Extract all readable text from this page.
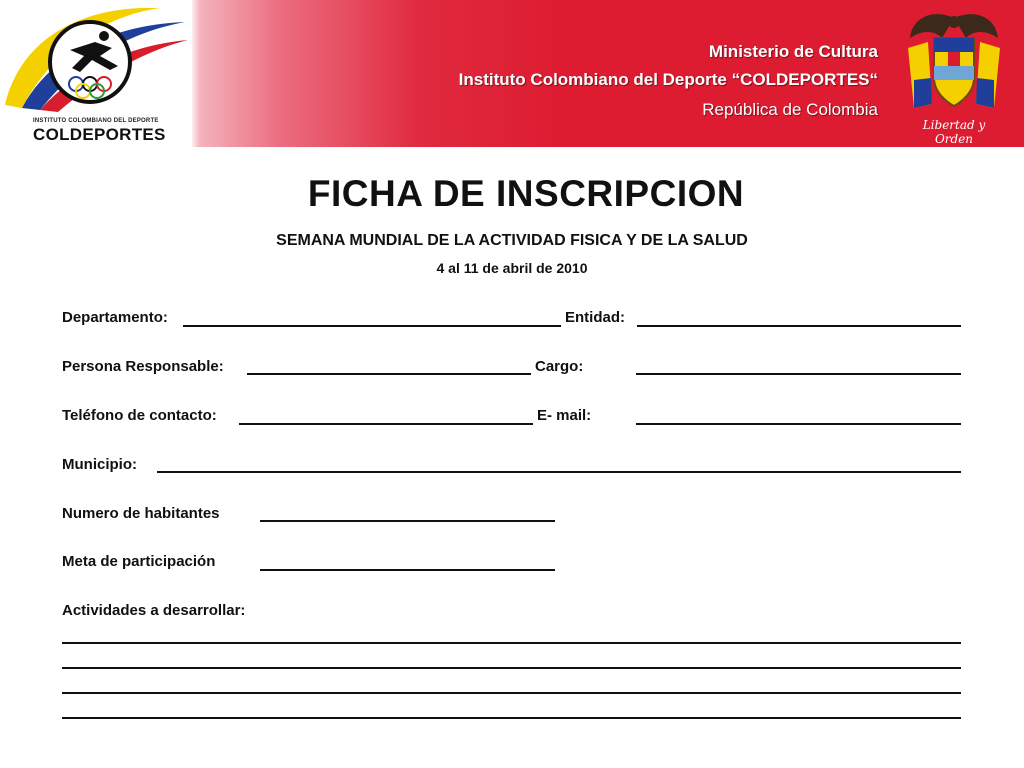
INSTITUTO COLOMBIANO DEL DEPORTE
COLDEPORTES
Ministerio de Cultura
Instituto Colombiano del Deporte “COLDEPORTES“
República de Colombia
Libertad y Orden
FICHA DE INSCRIPCION
SEMANA MUNDIAL DE LA ACTIVIDAD FISICA Y DE LA SALUD
4 al 11 de abril de 2010
Departamento:	Entidad:
Persona Responsable:	Cargo:
Teléfono de contacto:	E- mail:
Municipio:
Numero de habitantes
Meta de participación
Actividades a desarrollar:
